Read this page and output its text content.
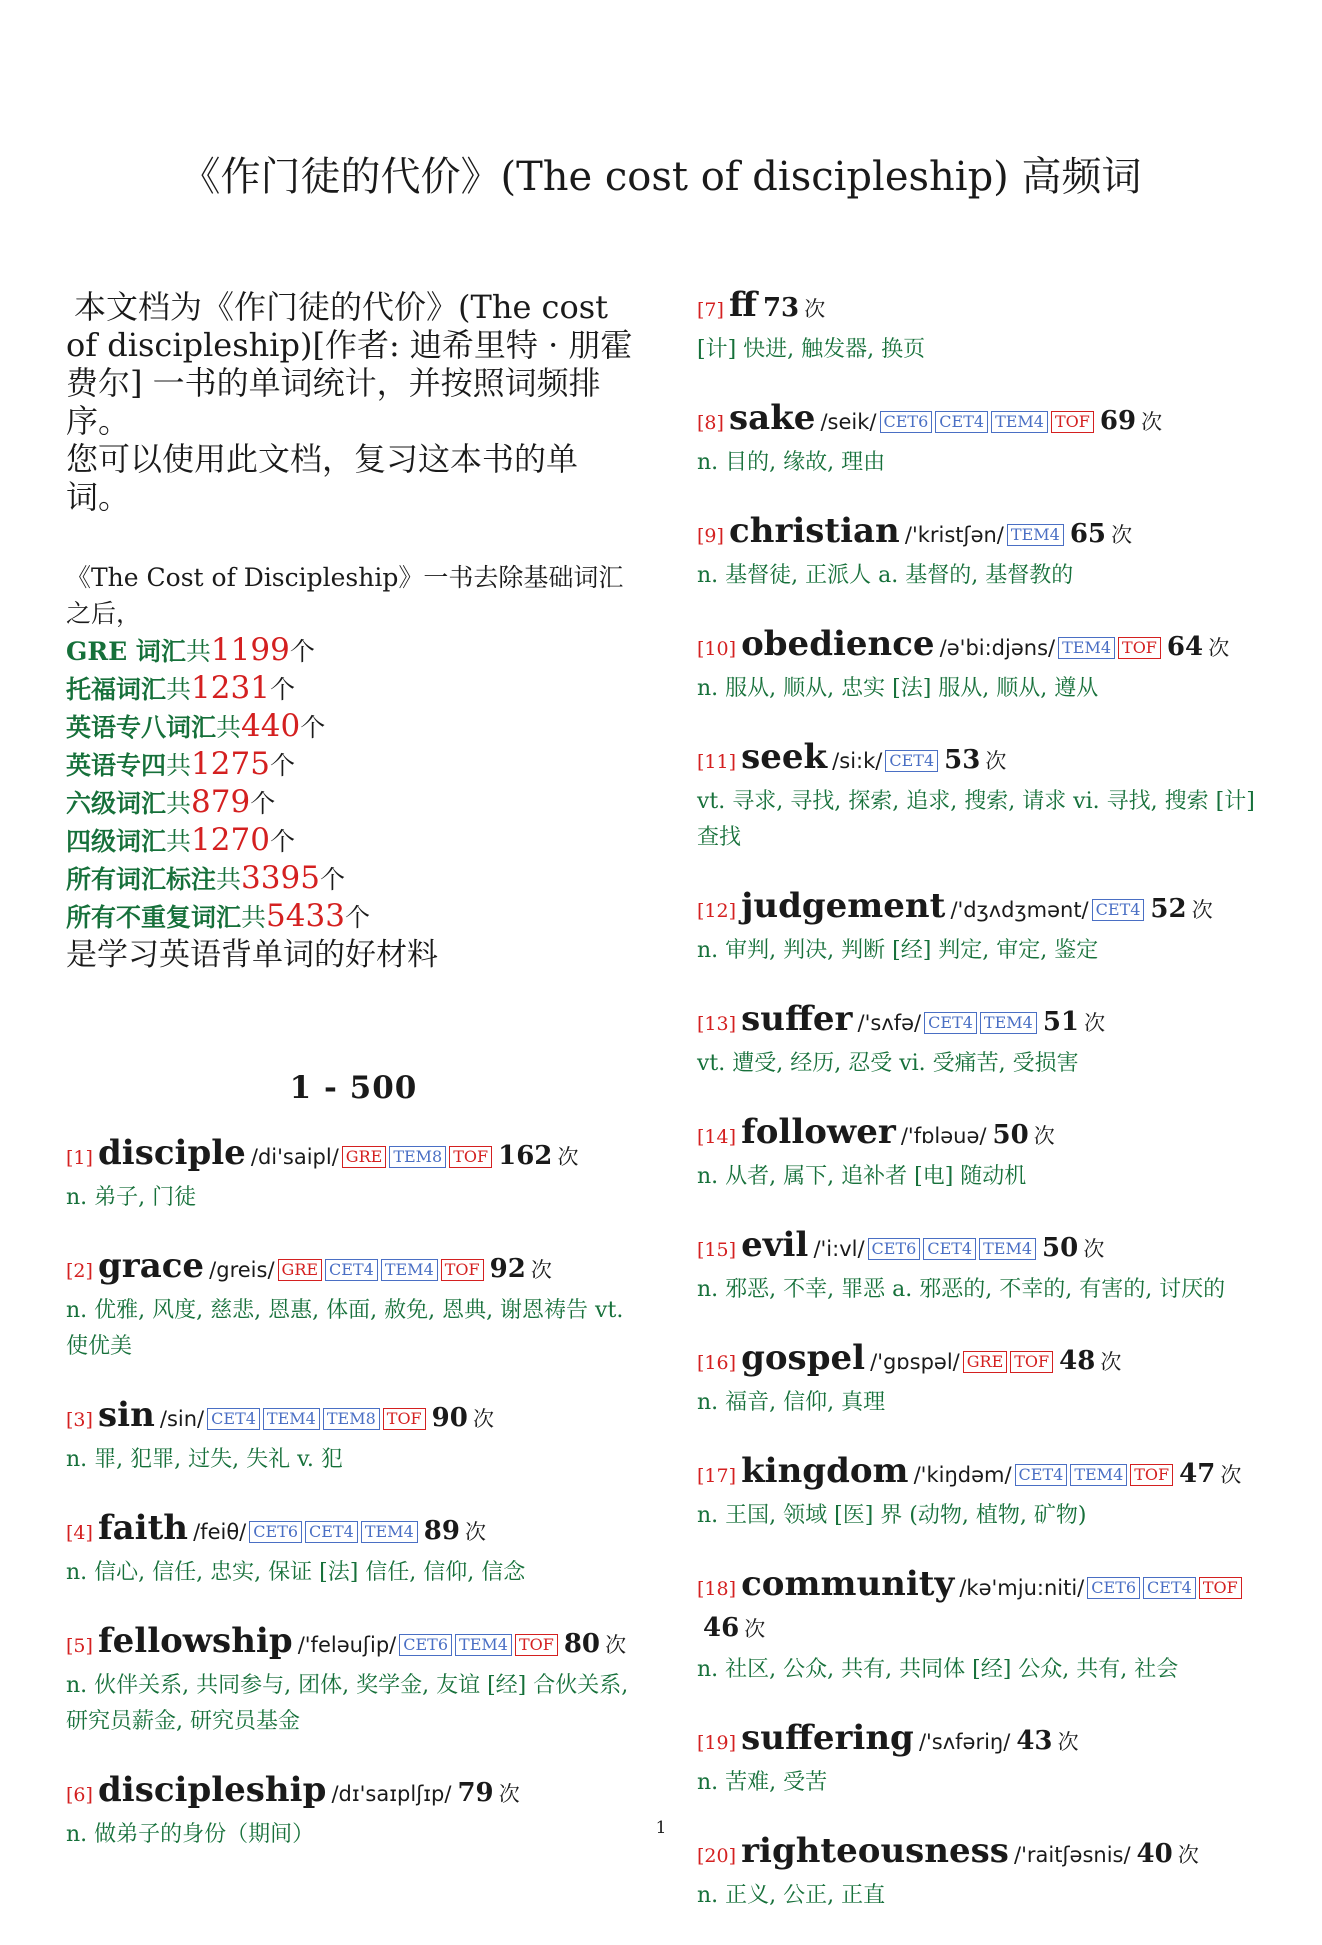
《作门徒的代价》(The cost of discipleship) 高频词
本文档为《作门徒的代价》(The cost of discipleship)[作者: 迪希里特 · 朋霍费尔] 一书的单词统计，并按照词频排序。
您可以使用此文档，复习这本书的单词。
《The Cost of Discipleship》一书去除基础词汇之后，
GRE 词汇共1199个
托福词汇共1231个
英语专八词汇共440个
英语专四共1275个
六级词汇共879个
四级词汇共1270个
所有词汇标注共3395个
所有不重复词汇共5433个
是学习英语背单词的好材料
1 - 500
[1] disciple /di'saipl/ GRE TEM8 TOF 162 次
n. 弟子, 门徒
[2] grace /greis/ GRE CET4 TEM4 TOF 92 次
n. 优雅, 风度, 慈悲, 恩惠, 体面, 赦免, 恩典, 谢恩祷告 vt. 使优美
[3] sin /sin/ CET4 TEM4 TEM8 TOF 90 次
n. 罪, 犯罪, 过失, 失礼 v. 犯
[4] faith /feiθ/ CET6 CET4 TEM4 89 次
n. 信心, 信任, 忠实, 保证 [法] 信任, 信仰, 信念
[5] fellowship /'feləuʃip/ CET6 TEM4 TOF 80 次
n. 伙伴关系, 共同参与, 团体, 奖学金, 友谊 [经] 合伙关系, 研究员薪金, 研究员基金
[6] discipleship /dɪ'saɪplʃɪp/ 79 次
n. 做弟子的身份（期间）
[7] ff 73 次
[计] 快进, 触发器, 换页
[8] sake /seik/ CET6 CET4 TEM4 TOF 69 次
n. 目的, 缘故, 理由
[9] christian /'kristʃən/ TEM4 65 次
n. 基督徒, 正派人 a. 基督的, 基督教的
[10] obedience /ə'bi:djəns/ TEM4 TOF 64 次
n. 服从, 顺从, 忠实 [法] 服从, 顺从, 遵从
[11] seek /si:k/ CET4 53 次
vt. 寻求, 寻找, 探索, 追求, 搜索, 请求 vi. 寻找, 搜索 [计] 查找
[12] judgement /'dʒʌdʒmənt/ CET4 52 次
n. 审判, 判决, 判断 [经] 判定, 审定, 鉴定
[13] suffer /'sʌfə/ CET4 TEM4 51 次
vt. 遭受, 经历, 忍受 vi. 受痛苦, 受损害
[14] follower /'fɒləuə/ 50 次
n. 从者, 属下, 追补者 [电] 随动机
[15] evil /'i:vl/ CET6 CET4 TEM4 50 次
n. 邪恶, 不幸, 罪恶 a. 邪恶的, 不幸的, 有害的, 讨厌的
[16] gospel /'gɒspəl/ GRE TOF 48 次
n. 福音, 信仰, 真理
[17] kingdom /'kiŋdəm/ CET4 TEM4 TOF 47 次
n. 王国, 领域 [医] 界 (动物, 植物, 矿物)
[18] community /kə'mju:niti/ CET6 CET4 TOF46 次
n. 社区, 公众, 共有, 共同体 [经] 公众, 共有, 社会
[19] suffering /'sʌfəriŋ/ 43 次
n. 苦难, 受苦
[20] righteousness /'raitʃəsnis/ 40 次
n. 正义, 公正, 正直
1
